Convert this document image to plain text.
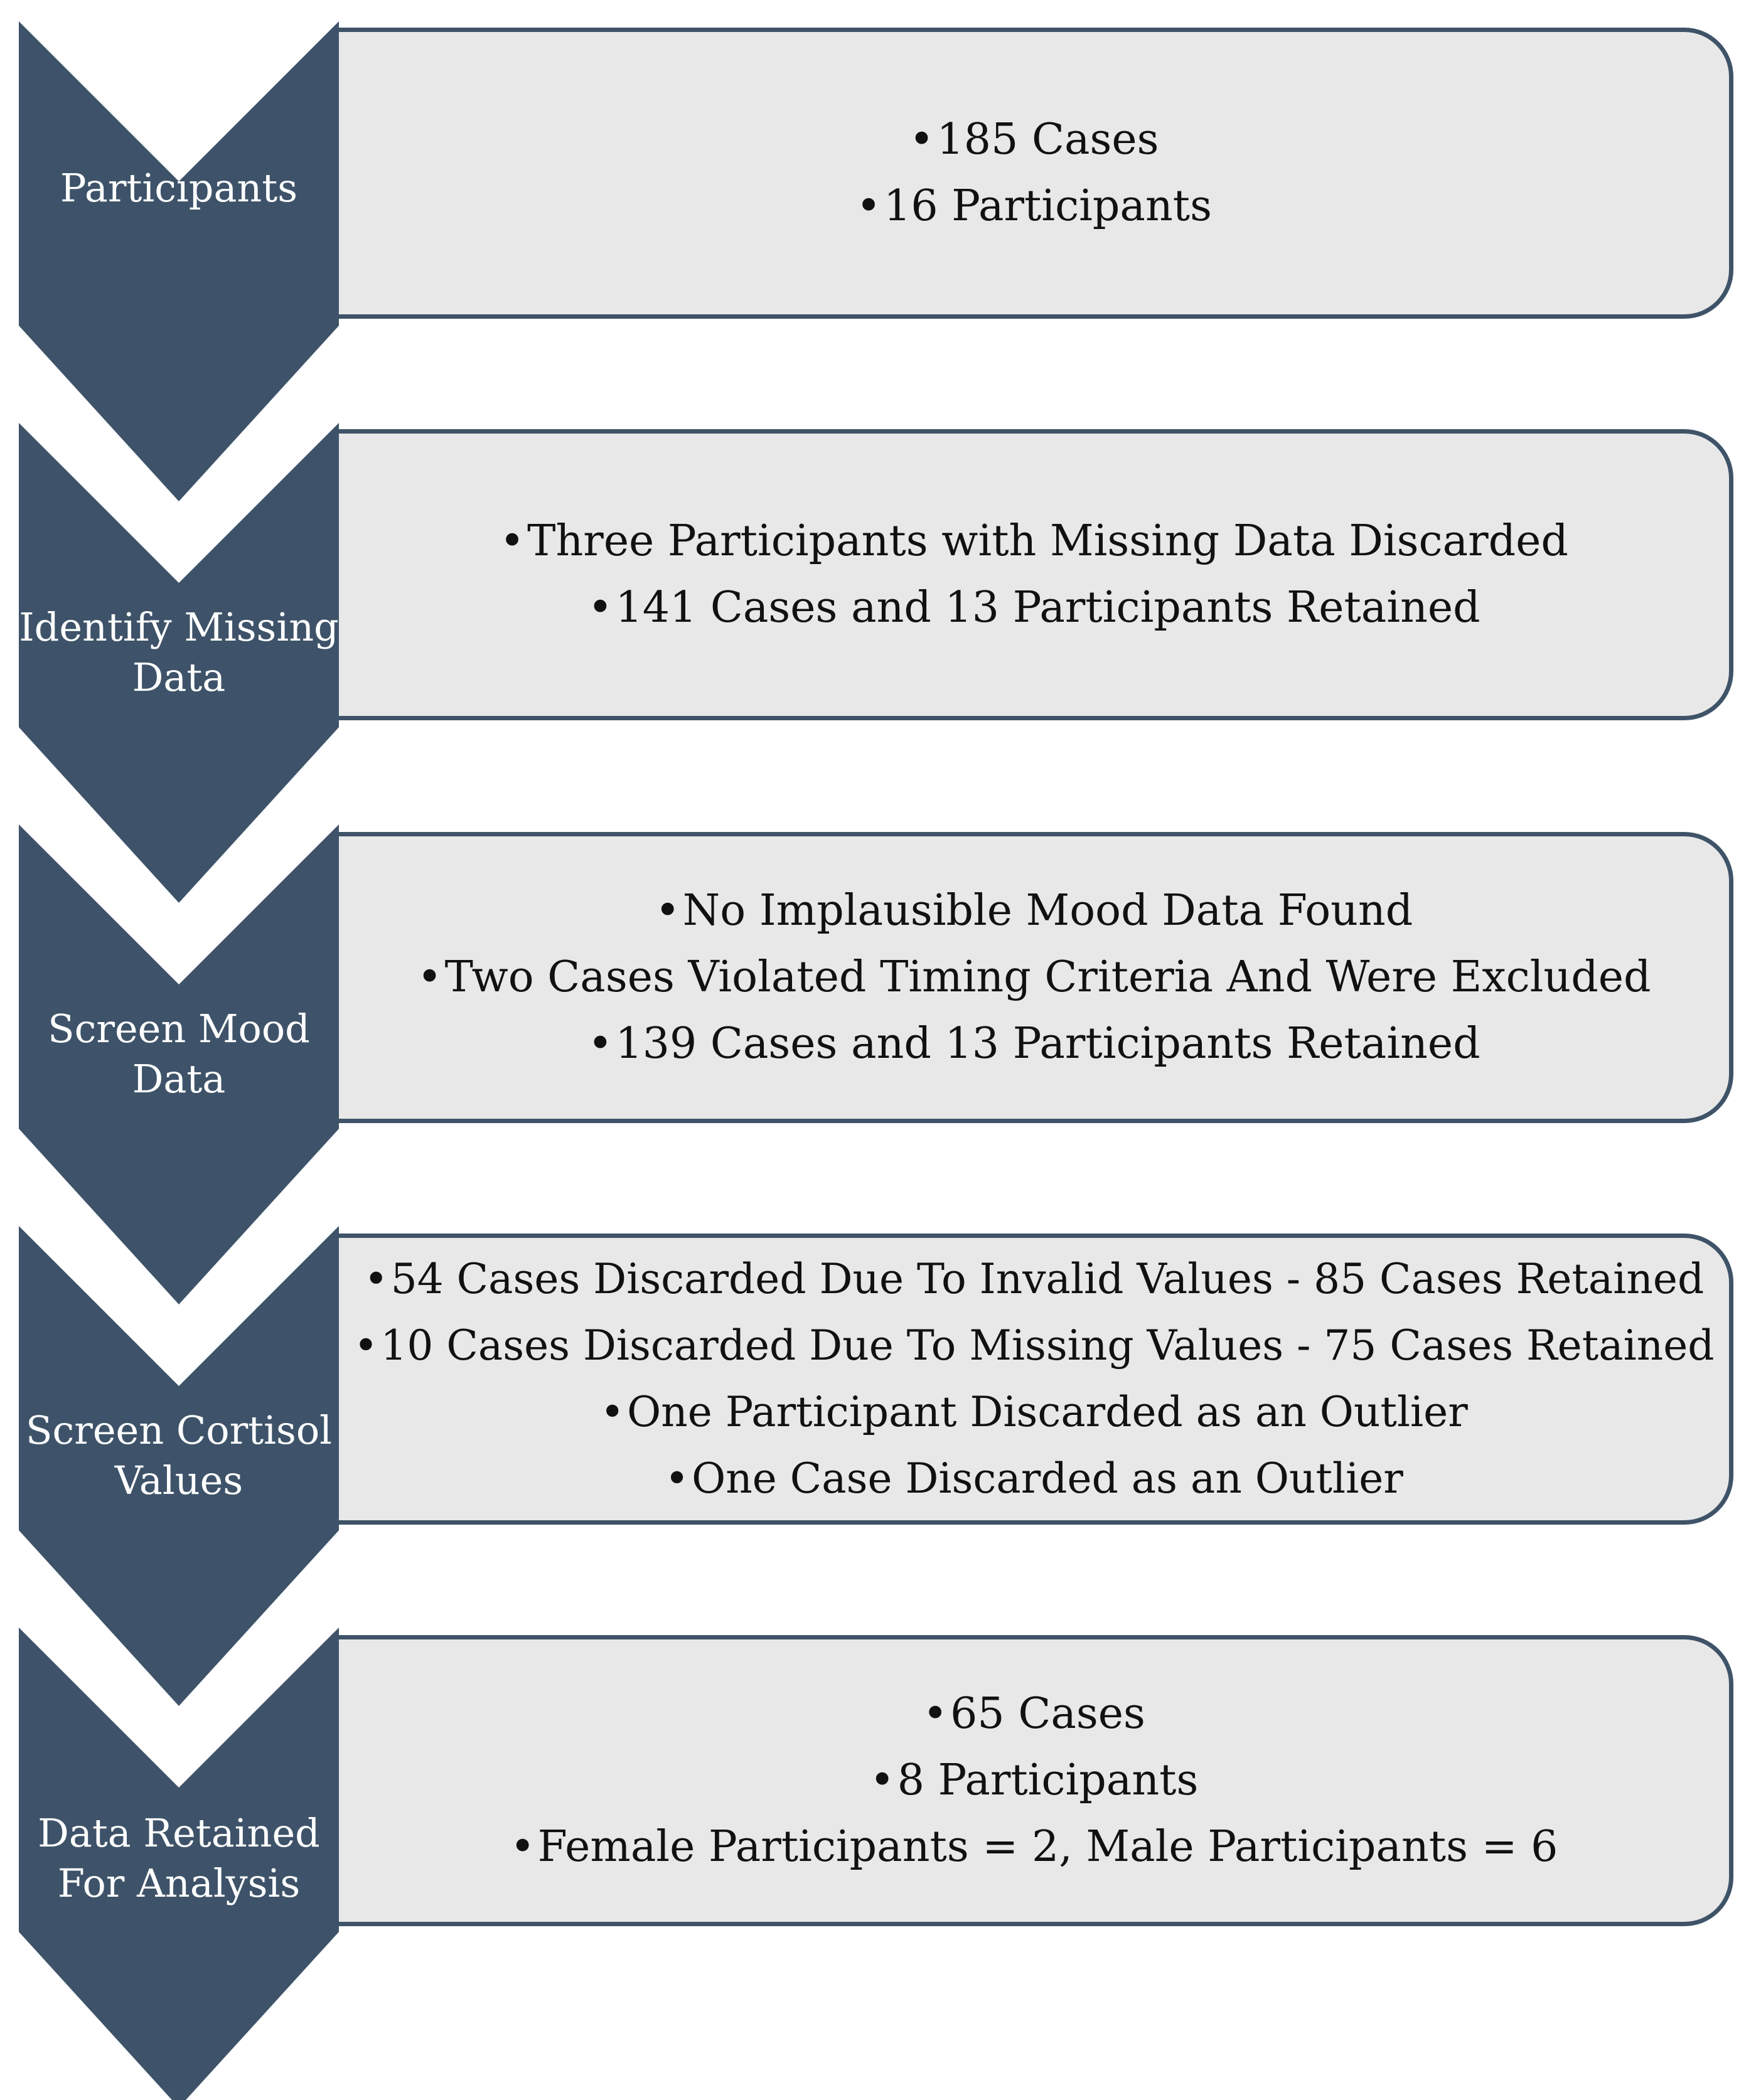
Participants
• 185 Cases
• 16 Participants
Identify Missing
Data
• Three Participants with Missing Data Discarded
• 141 Cases and 13 Participants Retained
Screen Mood
Data
• No Implausible Mood Data Found
• Two Cases Violated Timing Criteria And Were Excluded
• 139 Cases and 13 Participants Retained
Screen Cortisol
Values
• 54 Cases Discarded Due To Invalid Values - 85 Cases Retained
• 10 Cases Discarded Due To Missing Values - 75 Cases Retained
• One Participant Discarded as an Outlier
• One Case Discarded as an Outlier
Data Retained
For Analysis
• 65 Cases
• 8 Participants
• Female Participants = 2, Male Participants = 6
